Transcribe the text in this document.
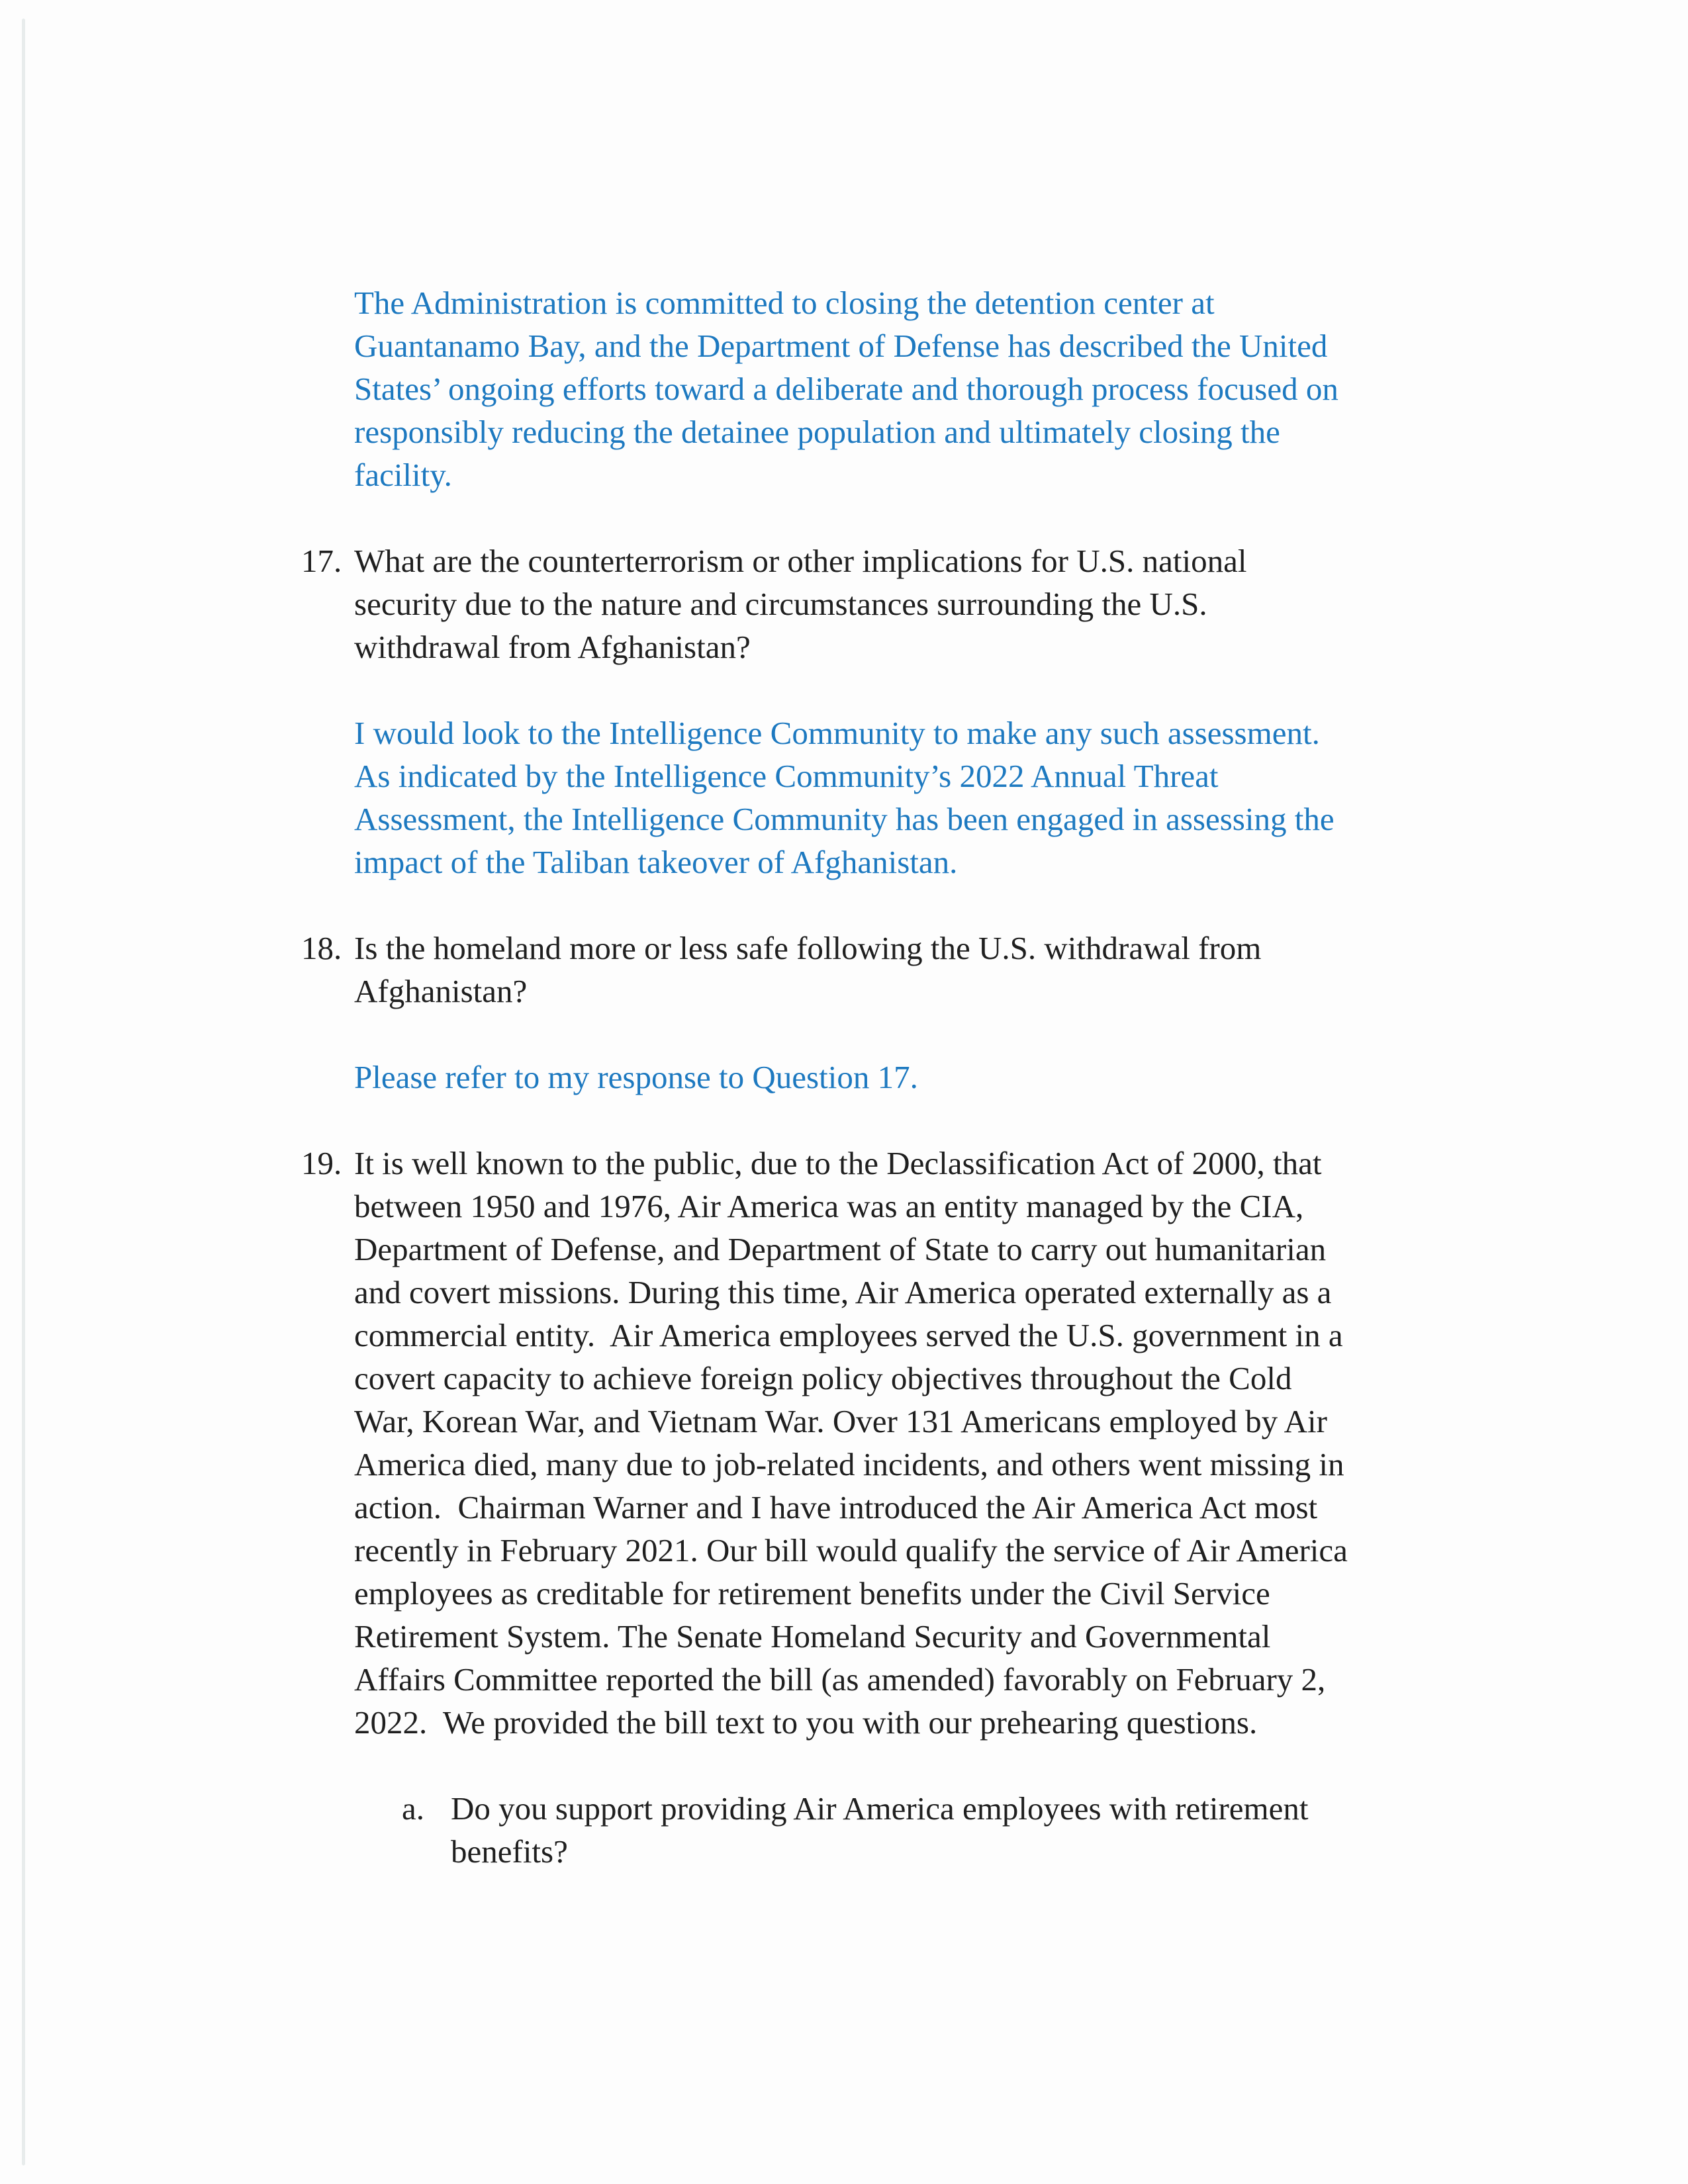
The Administration is committed to closing the detention center at
Guantanamo Bay, and the Department of Defense has described the United
States’ ongoing efforts toward a deliberate and thorough process focused on
responsibly reducing the detainee population and ultimately closing the
facility.
17. What are the counterterrorism or other implications for U.S. national
security due to the nature and circumstances surrounding the U.S.
withdrawal from Afghanistan?
I would look to the Intelligence Community to make any such assessment.
As indicated by the Intelligence Community’s 2022 Annual Threat
Assessment, the Intelligence Community has been engaged in assessing the
impact of the Taliban takeover of Afghanistan.
18. Is the homeland more or less safe following the U.S. withdrawal from
Afghanistan?
Please refer to my response to Question 17.
19. It is well known to the public, due to the Declassification Act of 2000, that
between 1950 and 1976, Air America was an entity managed by the CIA,
Department of Defense, and Department of State to carry out humanitarian
and covert missions. During this time, Air America operated externally as a
commercial entity.  Air America employees served the U.S. government in a
covert capacity to achieve foreign policy objectives throughout the Cold
War, Korean War, and Vietnam War. Over 131 Americans employed by Air
America died, many due to job-related incidents, and others went missing in
action.  Chairman Warner and I have introduced the Air America Act most
recently in February 2021. Our bill would qualify the service of Air America
employees as creditable for retirement benefits under the Civil Service
Retirement System. The Senate Homeland Security and Governmental
Affairs Committee reported the bill (as amended) favorably on February 2,
2022.  We provided the bill text to you with our prehearing questions.
a. Do you support providing Air America employees with retirement
benefits?
